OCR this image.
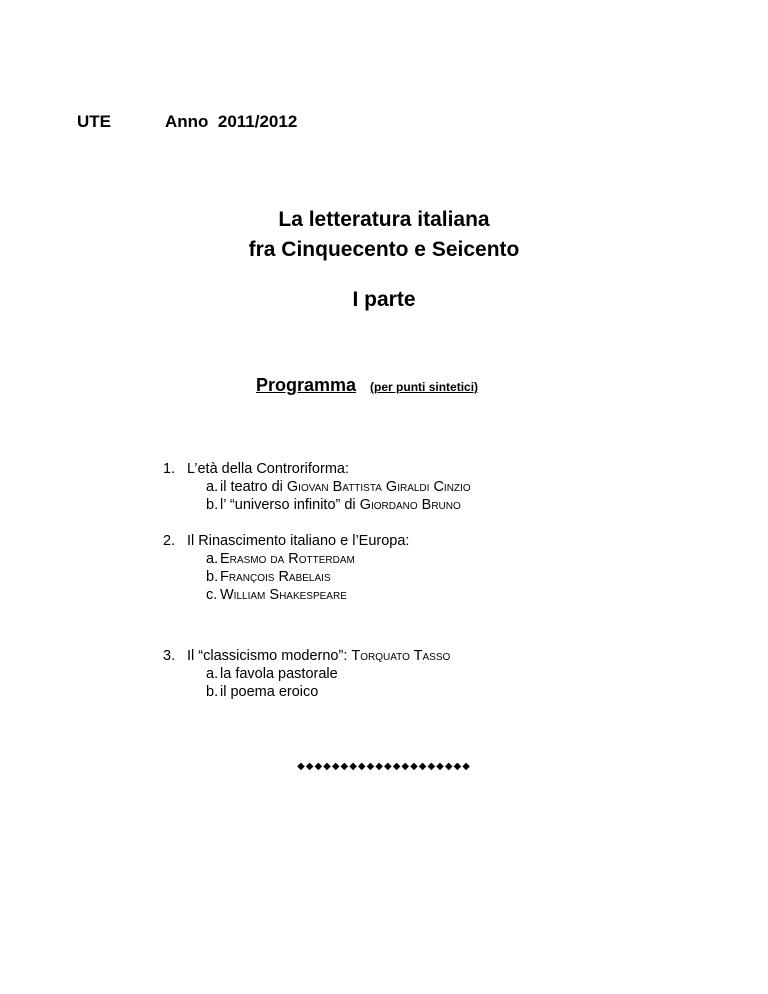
UTE	Anno  2011/2012
La letteratura italiana
fra Cinquecento e Seicento
I parte
Programma (per punti sintetici)
1. L’età della Controriforma:
a. il teatro di Giovan Battista Giraldi Cinzio
b. l’ “universo infinito” di Giordano Bruno
2. Il Rinascimento italiano e l’Europa:
a. Erasmo da Rotterdam
b. François Rabelais
c. William Shakespeare
3. Il “classicismo moderno”: Torquato Tasso
a. la favola pastorale
b. il poema eroico
◆◆◆◆◆◆◆◆◆◆◆◆◆◆◆◆◆◆◆◆
